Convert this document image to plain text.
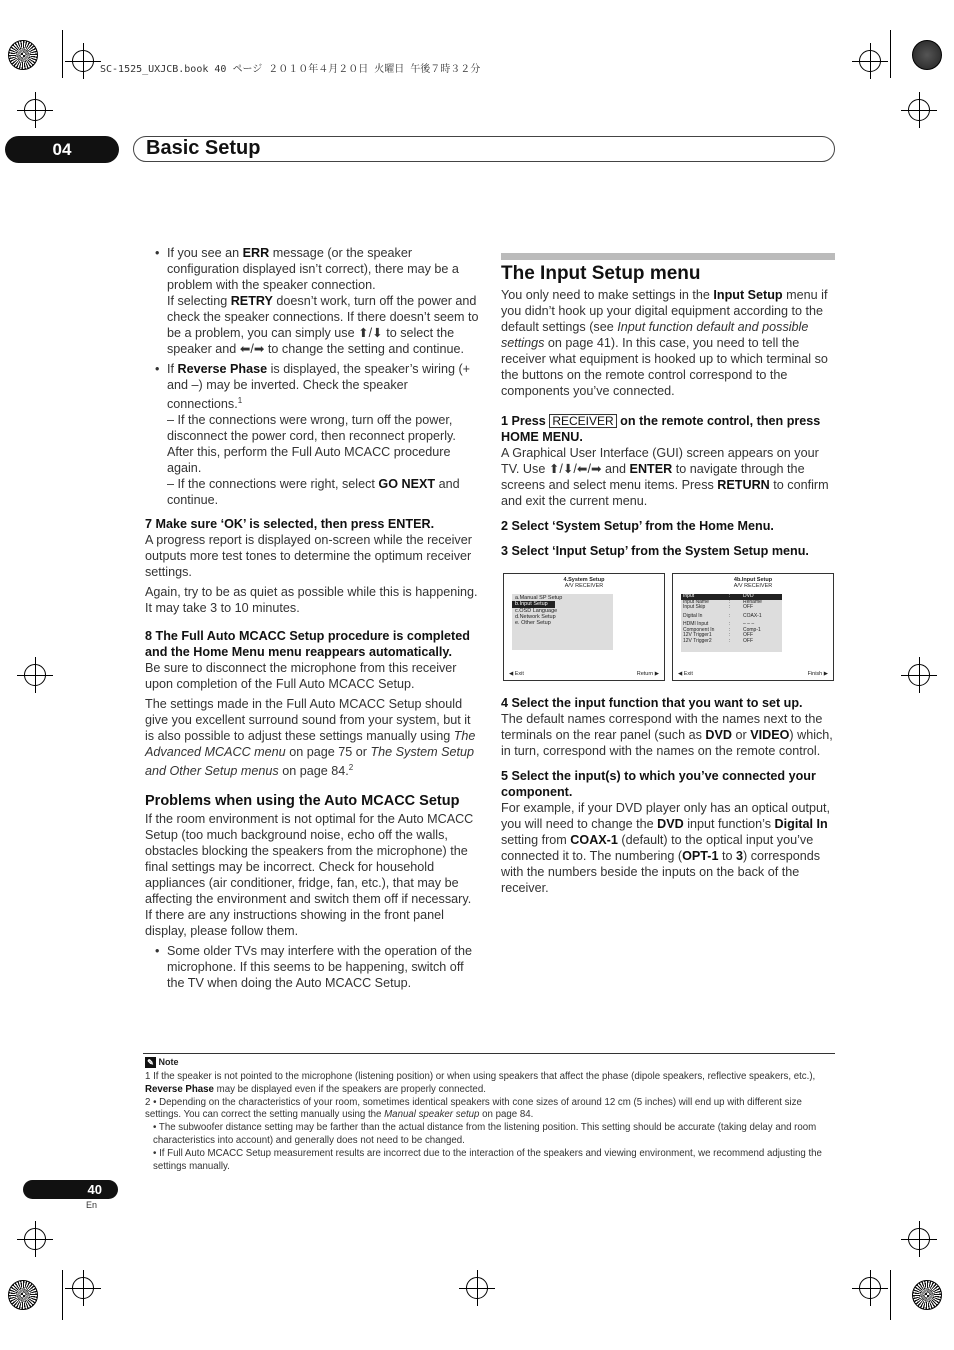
SC-1525_UXJCB.book 40 ページ ２０１０年４月２０日 火曜日 午後７時３２分
04	Basic Setup
• If you see an ERR message (or the speaker configuration displayed isn’t correct), there may be a problem with the speaker connection.
If selecting RETRY doesn’t work, turn off the power and check the speaker connections. If there doesn’t seem to be a problem, you can simply use ⬆/⬇ to select the speaker and ⬅/➡ to change the setting and continue.
• If Reverse Phase is displayed, the speaker’s wiring (+ and –) may be inverted. Check the speaker connections.$^1$
– If the connections were wrong, turn off the power, disconnect the power cord, then reconnect properly. After this, perform the Full Auto MCACC procedure again.
– If the connections were right, select GO NEXT and continue.

7 Make sure ‘OK’ is selected, then press ENTER.

A progress report is displayed on-screen while the receiver outputs more test tones to determine the optimum receiver settings.

Again, try to be as quiet as possible while this is happening. It may take 3 to 10 minutes.

8 The Full Auto MCACC Setup procedure is completed and the Home Menu menu reappears automatically.

Be sure to disconnect the microphone from this receiver upon completion of the Full Auto MCACC Setup.

The settings made in the Full Auto MCACC Setup should give you excellent surround sound from your system, but it is also possible to adjust these settings manually using The Advanced MCACC menu on page 75 or The System Setup and Other Setup menus on page 84.$^2$

Problems when using the Auto MCACC Setup

If the room environment is not optimal for the Auto MCACC Setup (too much background noise, echo off the walls, obstacles blocking the speakers from the microphone) the final settings may be incorrect. Check for household appliances (air conditioner, fridge, fan, etc.), that may be affecting the environment and switch them off if necessary. If there are any instructions showing in the front panel display, please follow them.

• Some older TVs may interfere with the operation of the microphone. If this seems to be happening, switch off the TV when doing the Auto MCACC Setup.
The Input Setup menu

You only need to make settings in the Input Setup menu if you didn’t hook up your digital equipment according to the default settings (see Input function default and possible settings on page 41). In this case, you need to tell the receiver what equipment is hooked up to which terminal so the buttons on the remote control correspond to the components you’ve connected.

1 Press RECEIVER on the remote control, then press HOME MENU.

A Graphical User Interface (GUI) screen appears on your TV. Use ⬆/⬇/⬅/➡ and ENTER to navigate through the screens and select menu items. Press RETURN to confirm and exit the current menu.

2 Select ‘System Setup’ from the Home Menu.

3 Select ‘Input Setup’ from the System Setup menu.

4.System Setup
A/V RECEIVER
a.Manual SP Setup
b.Input Setup
c.OSD Language
d.Network Setup
e. Other Setup
◀ Exit	Return ▶
4b.Input Setup
A/V RECEIVER
Input	:	DVD
Input Name	:	Rename
Input Skip	:	OFF
Digital In	:	COAX-1
HDMI Input	:	– – –
Component In	:	Comp-1
12V Trigger1	:	OFF
12V Trigger2	:	OFF
◀ Exit	Finish ▶

4 Select the input function that you want to set up.

The default names correspond with the names next to the terminals on the rear panel (such as DVD or VIDEO) which, in turn, correspond with the names on the remote control.

5 Select the input(s) to which you’ve connected your component.

For example, if your DVD player only has an optical output, you will need to change the DVD input function’s Digital In setting from COAX-1 (default) to the optical input you’ve connected it to. The numbering (OPT-1 to 3) corresponds with the numbers beside the inputs on the back of the receiver.

✎ Note

1 If the speaker is not pointed to the microphone (listening position) or when using speakers that affect the phase (dipole speakers, reflective speakers, etc.), Reverse Phase may be displayed even if the speakers are properly connected.

2 • Depending on the characteristics of your room, sometimes identical speakers with cone sizes of around 12 cm (5 inches) will end up with different size settings. You can correct the setting manually using the Manual speaker setup on page 84.

• The subwoofer distance setting may be farther than the actual distance from the listening position. This setting should be accurate (taking delay and room characteristics into account) and generally does not need to be changed.

• If Full Auto MCACC Setup measurement results are incorrect due to the interaction of the speakers and viewing environment, we recommend adjusting the settings manually.

40
En
